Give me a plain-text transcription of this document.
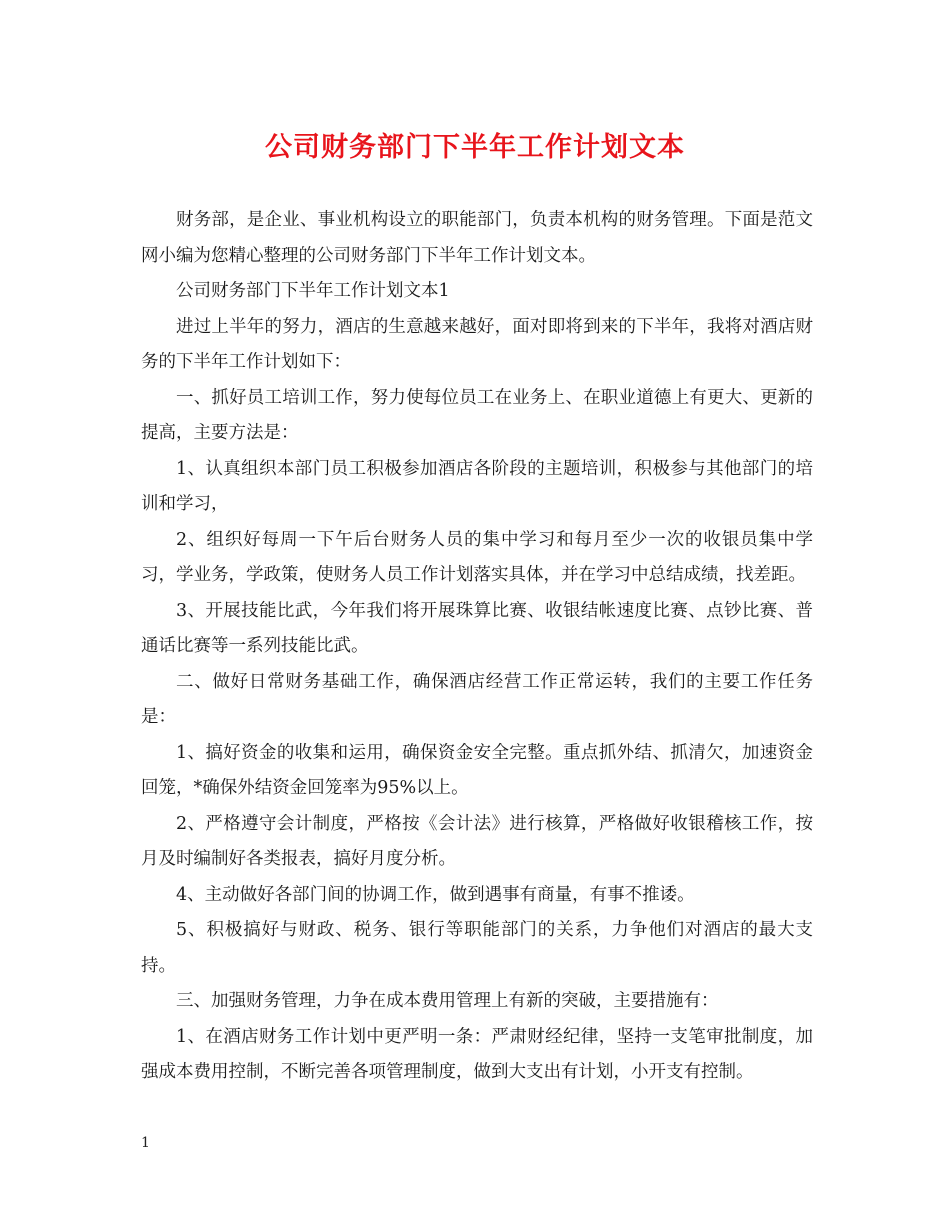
公司财务部门下半年工作计划文本

财务部，是企业、事业机构设立的职能部门，负责本机构的财务管理。下面是范文网小编为您精心整理的公司财务部门下半年工作计划文本。

公司财务部门下半年工作计划文本1

进过上半年的努力，酒店的生意越来越好，面对即将到来的下半年，我将对酒店财务的下半年工作计划如下：

一、抓好员工培训工作，努力使每位员工在业务上、在职业道德上有更大、更新的提高，主要方法是：

1、认真组织本部门员工积极参加酒店各阶段的主题培训，积极参与其他部门的培训和学习，

2、组织好每周一下午后台财务人员的集中学习和每月至少一次的收银员集中学习，学业务，学政策，使财务人员工作计划落实具体，并在学习中总结成绩，找差距。

3、开展技能比武，今年我们将开展珠算比赛、收银结帐速度比赛、点钞比赛、普通话比赛等一系列技能比武。

二、做好日常财务基础工作，确保酒店经营工作正常运转，我们的主要工作任务是：

1、搞好资金的收集和运用，确保资金安全完整。重点抓外结、抓清欠，加速资金回笼，*确保外结资金回笼率为95%以上。

2、严格遵守会计制度，严格按《会计法》进行核算，严格做好收银稽核工作，按月及时编制好各类报表，搞好月度分析。

4、主动做好各部门间的协调工作，做到遇事有商量，有事不推诿。

5、积极搞好与财政、税务、银行等职能部门的关系，力争他们对酒店的最大支持。

三、加强财务管理，力争在成本费用管理上有新的突破，主要措施有：

1、在酒店财务工作计划中更严明一条：严肃财经纪律，坚持一支笔审批制度，加强成本费用控制，不断完善各项管理制度，做到大支出有计划，小开支有控制。

1
